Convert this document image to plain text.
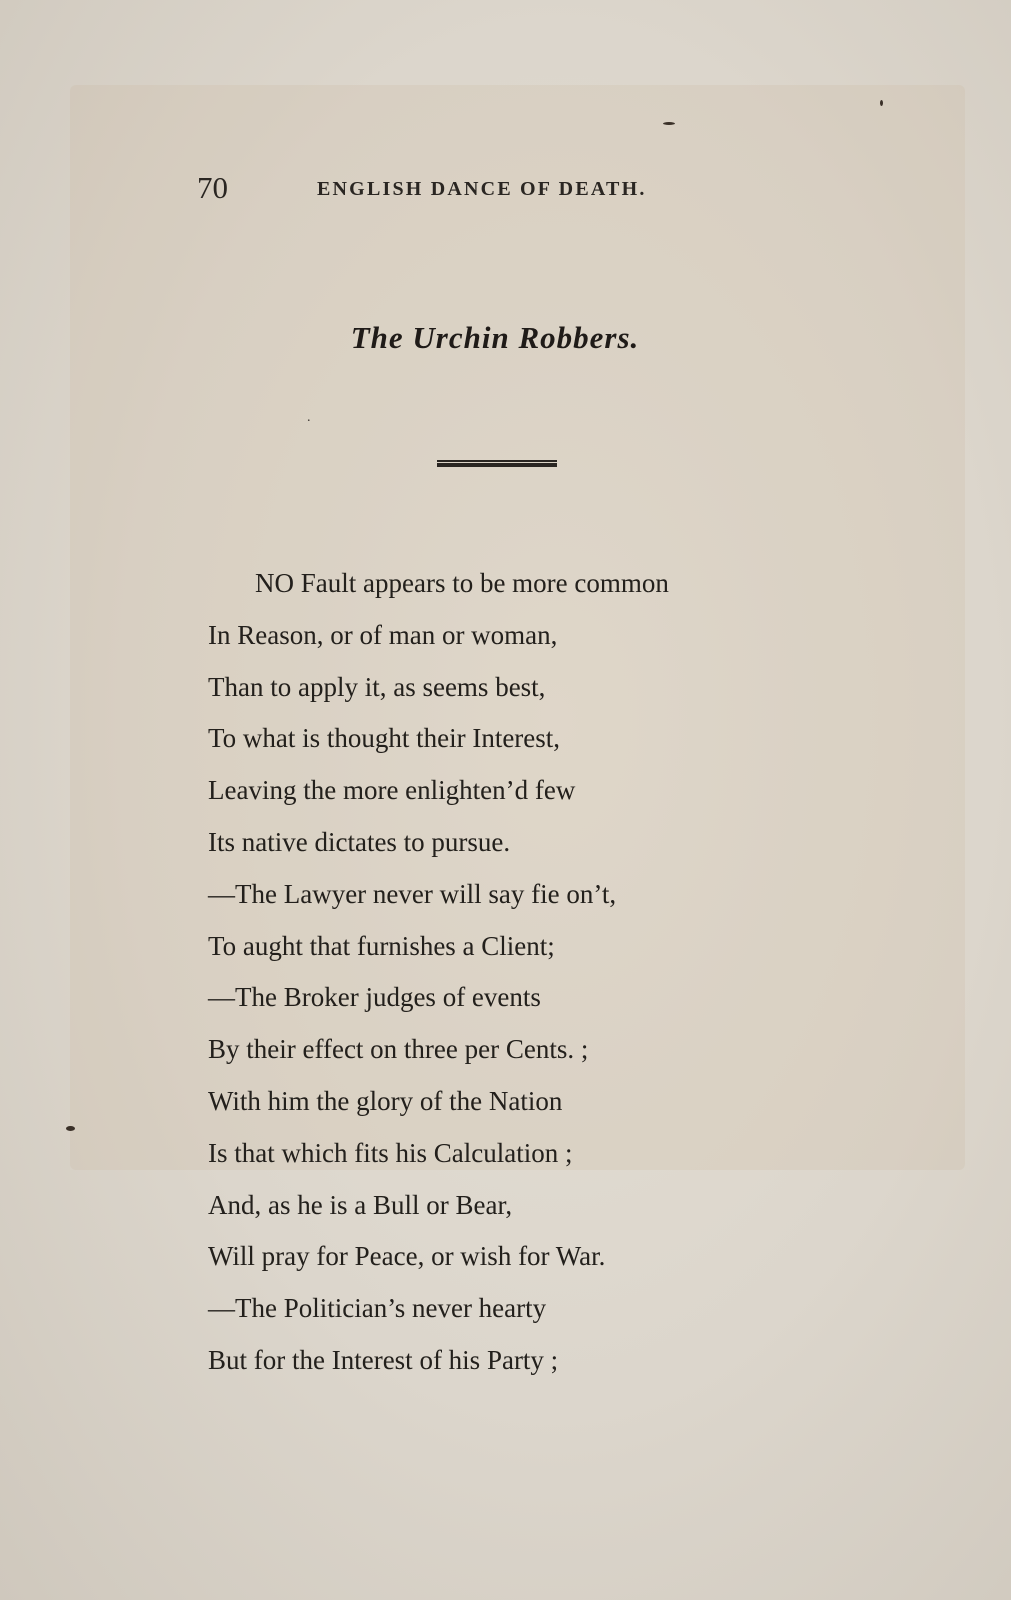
70	ENGLISH DANCE OF DEATH.
The Urchin Robbers.
.
NO Fault appears to be more common
In Reason, or of man or woman,
Than to apply it, as seems best,
To what is thought their Interest,
Leaving the more enlighten’d few
Its native dictates to pursue.
—The Lawyer never will say fie on’t,
To aught that furnishes a Client;
—The Broker judges of events
By their effect on three per Cents. ;
With him the glory of the Nation
Is that which fits his Calculation ;
And, as he is a Bull or Bear,
Will pray for Peace, or wish for War.
—The Politician’s never hearty
But for the Interest of his Party ;
